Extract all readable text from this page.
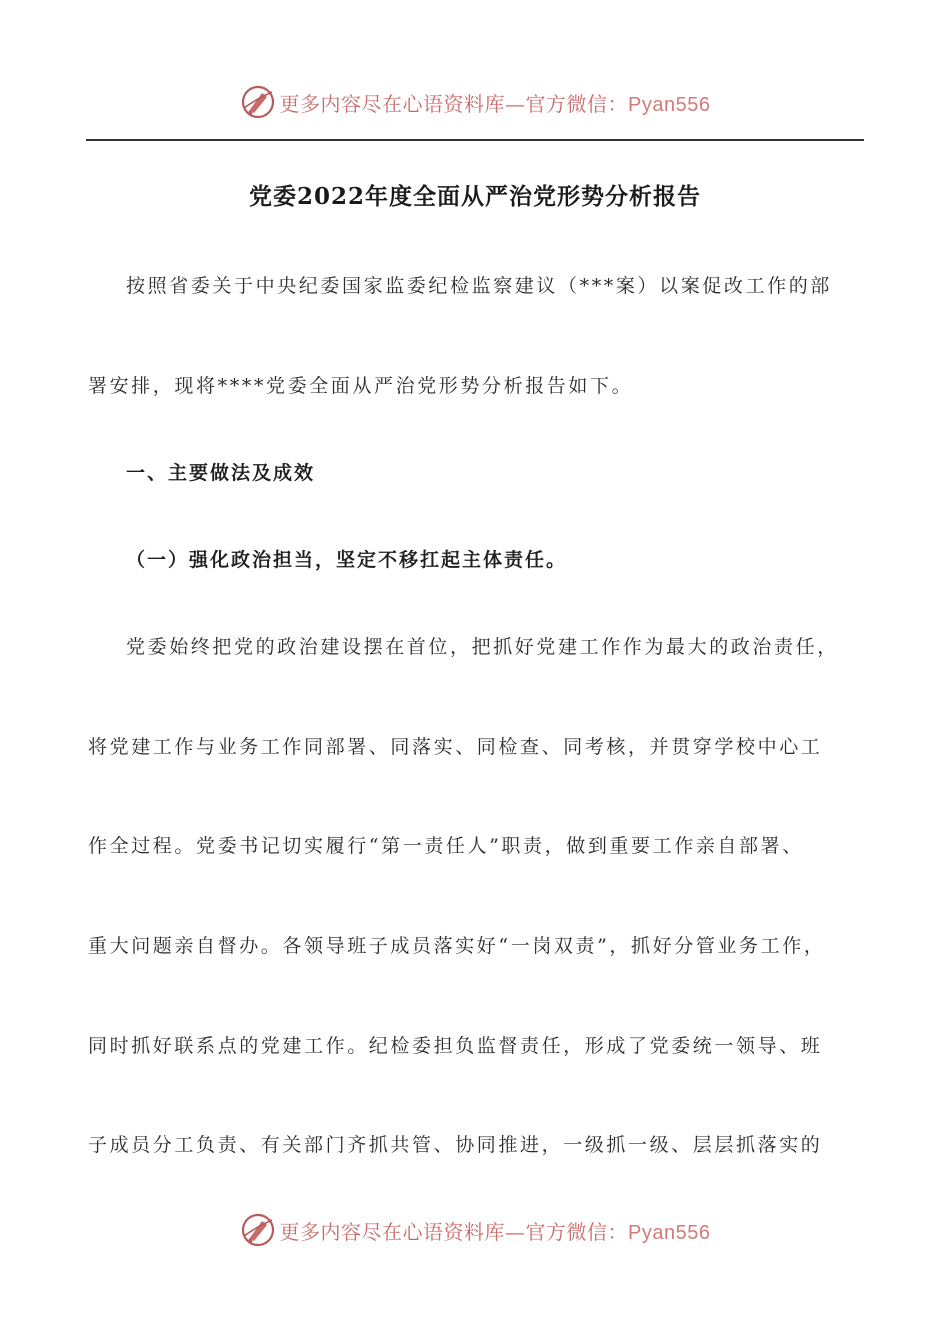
更多内容尽在心语资料库—官方微信：Pyan556
党委2022年度全面从严治党形势分析报告
按照省委关于中央纪委国家监委纪检监察建议（***案）以案促改工作的部
署安排，现将****党委全面从严治党形势分析报告如下。
一、主要做法及成效
（一）强化政治担当，坚定不移扛起主体责任。
党委始终把党的政治建设摆在首位，把抓好党建工作作为最大的政治责任，
将党建工作与业务工作同部署、同落实、同检查、同考核，并贯穿学校中心工
作全过程。党委书记切实履行“第一责任人”职责，做到重要工作亲自部署、
重大问题亲自督办。各领导班子成员落实好“一岗双责”，抓好分管业务工作，
同时抓好联系点的党建工作。纪检委担负监督责任，形成了党委统一领导、班
子成员分工负责、有关部门齐抓共管、协同推进，一级抓一级、层层抓落实的
更多内容尽在心语资料库—官方微信：Pyan556
